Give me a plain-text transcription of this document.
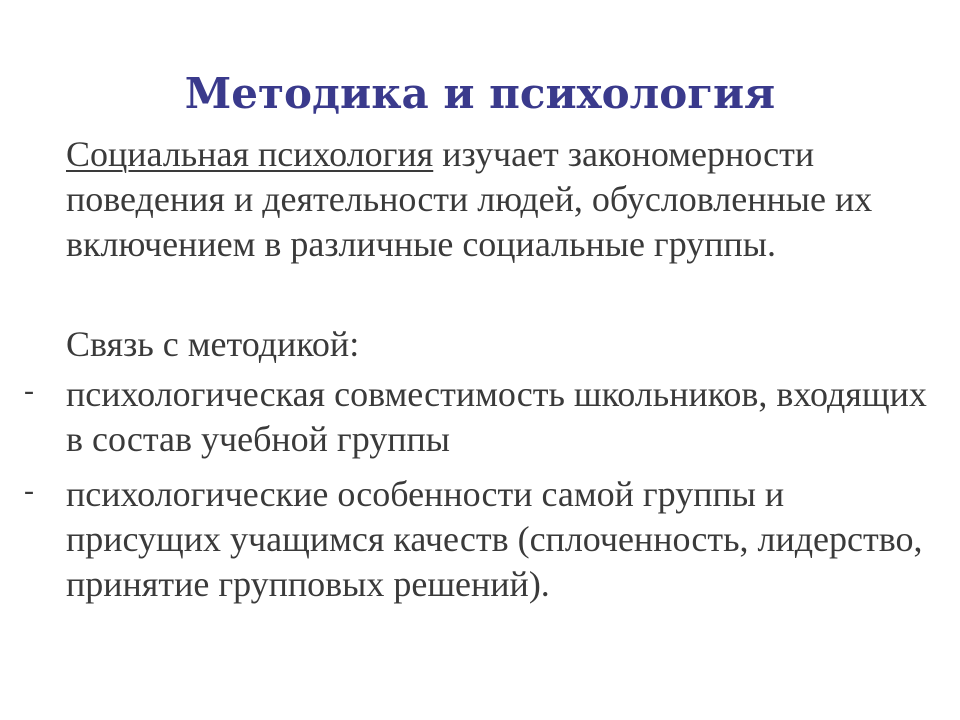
Методика и психология

Социальная психология изучает закономерности
поведения и деятельности людей, обусловленные их включением в различные социальные группы.

Связь с методикой:

- психологическая совместимость школьников, входящих в состав учебной группы

- психологические особенности самой группы и присущих учащимся качеств (сплоченность, лидерство, принятие групповых решений).
